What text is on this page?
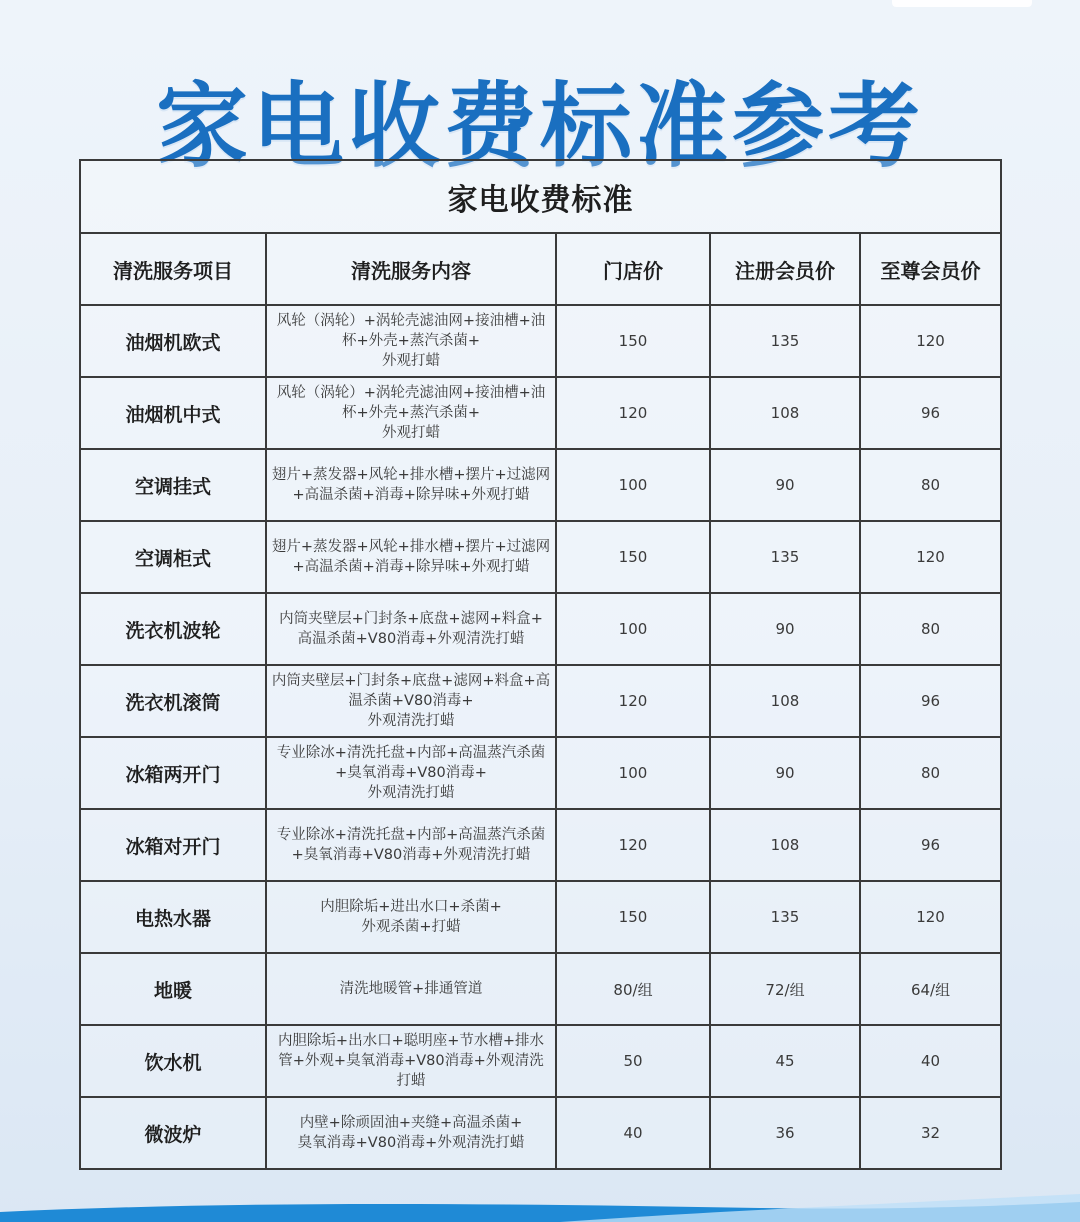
家电收费标准参考
家电收费标准				
清洗服务项目	清洗服务内容	门店价	注册会员价	至尊会员价
油烟机欧式	风轮（涡轮）+涡轮壳滤油网+接油槽+油
杯+外壳+蒸汽杀菌+
外观打蜡	150	135	120
油烟机中式	风轮（涡轮）+涡轮壳滤油网+接油槽+油
杯+外壳+蒸汽杀菌+
外观打蜡	120	108	96
空调挂式	翅片+蒸发器+风轮+排水槽+摆片+过滤网
+高温杀菌+消毒+除异味+外观打蜡	100	90	80
空调柜式	翅片+蒸发器+风轮+排水槽+摆片+过滤网
+高温杀菌+消毒+除异味+外观打蜡	150	135	120
洗衣机波轮	内筒夹壁层+门封条+底盘+滤网+料盒+
高温杀菌+V80消毒+外观清洗打蜡	100	90	80
洗衣机滚筒	内筒夹壁层+门封条+底盘+滤网+料盒+高
温杀菌+V80消毒+
外观清洗打蜡	120	108	96
冰箱两开门	专业除冰+清洗托盘+内部+高温蒸汽杀菌
+臭氧消毒+V80消毒+
外观清洗打蜡	100	90	80
冰箱对开门	专业除冰+清洗托盘+内部+高温蒸汽杀菌
+臭氧消毒+V80消毒+外观清洗打蜡	120	108	96
电热水器	内胆除垢+进出水口+杀菌+
外观杀菌+打蜡	150	135	120
地暖	清洗地暖管+排通管道	80/组	72/组	64/组
饮水机	内胆除垢+出水口+聪明座+节水槽+排水
管+外观+臭氧消毒+V80消毒+外观清洗
打蜡	50	45	40
微波炉	内壁+除顽固油+夹缝+高温杀菌+
臭氧消毒+V80消毒+外观清洗打蜡	40	36	32
